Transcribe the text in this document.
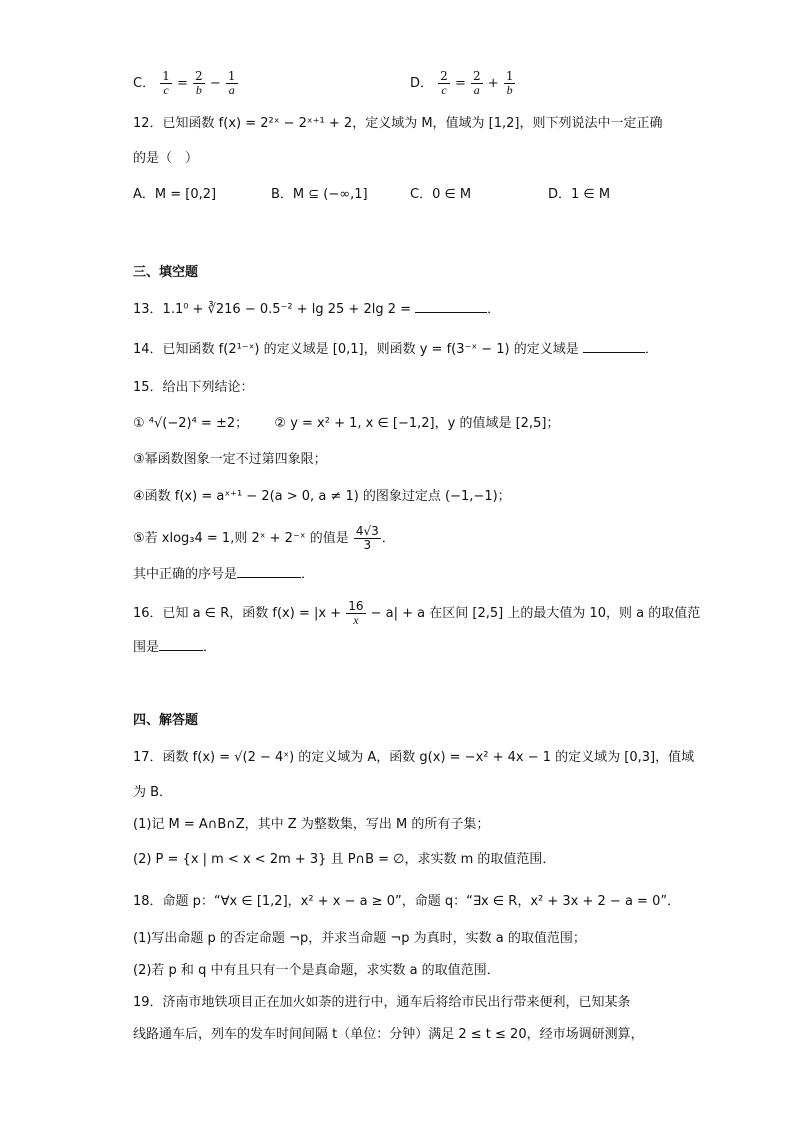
C． $\frac{1}{c} = \frac{2}{b} - \frac{1}{a}$	D． $\frac{2}{c} = \frac{2}{a} + \frac{1}{b}$
12．已知函数 f(x) = 2²ˣ − 2ˣ⁺¹ + 2，定义域为 M，值域为 [1,2]，则下列说法中一定正确
的是（　）
A．M = [0,2]	B．M ⊆ (−∞,1]	C．0 ∈ M	D．1 ∈ M
三、填空题
13．1.1⁰ + ∛216 − 0.5⁻² + lg 25 + 2lg 2 =	．
14．已知函数 f(2¹⁻ˣ) 的定义域是 [0,1]，则函数 y = f(3⁻ˣ − 1) 的定义域是	．
15．给出下列结论：
① ⁴√(−2)⁴ = ±2； ② y = x² + 1, x ∈ [−1,2]，y 的值域是 [2,5]；
③幂函数图象一定不过第四象限；
④函数 f(x) = aˣ⁺¹ − 2(a > 0, a ≠ 1) 的图象过定点 (−1,−1)；
⑤若 xlog₃4 = 1,则 2ˣ + 2⁻ˣ 的值是 $\frac{4√3}{3}$ ．
其中正确的序号是	．
16．已知 a ∈ R，函数 $f(x) = |x + \frac{16}{x} - a| + a$ 在区间 [2,5] 上的最大值为 10，则 a 的取值范
围是	．
四、解答题
17．函数 f(x) = √(2 − 4ˣ) 的定义域为 A，函数 g(x) = −x² + 4x − 1 的定义域为 [0,3]，值域
为 B．
(1)记 M = A∩B∩Z，其中 Z 为整数集，写出 M 的所有子集；
(2) P = {x | m < x < 2m + 3} 且 P∩B = ∅，求实数 m 的取值范围．
18．命题 p：“∀x ∈ [1,2]，x² + x − a ≥ 0”，命题 q：“∃x ∈ R，x² + 3x + 2 − a = 0”．
(1)写出命题 p 的否定命题 ¬p，并求当命题 ¬p 为真时，实数 a 的取值范围；
(2)若 p 和 q 中有且只有一个是真命题，求实数 a 的取值范围．
19．济南市地铁项目正在加火如荼的进行中，通车后将给市民出行带来便利，已知某条
线路通车后，列车的发车时间间隔 t（单位：分钟）满足 2 ≤ t ≤ 20，经市场调研测算，
